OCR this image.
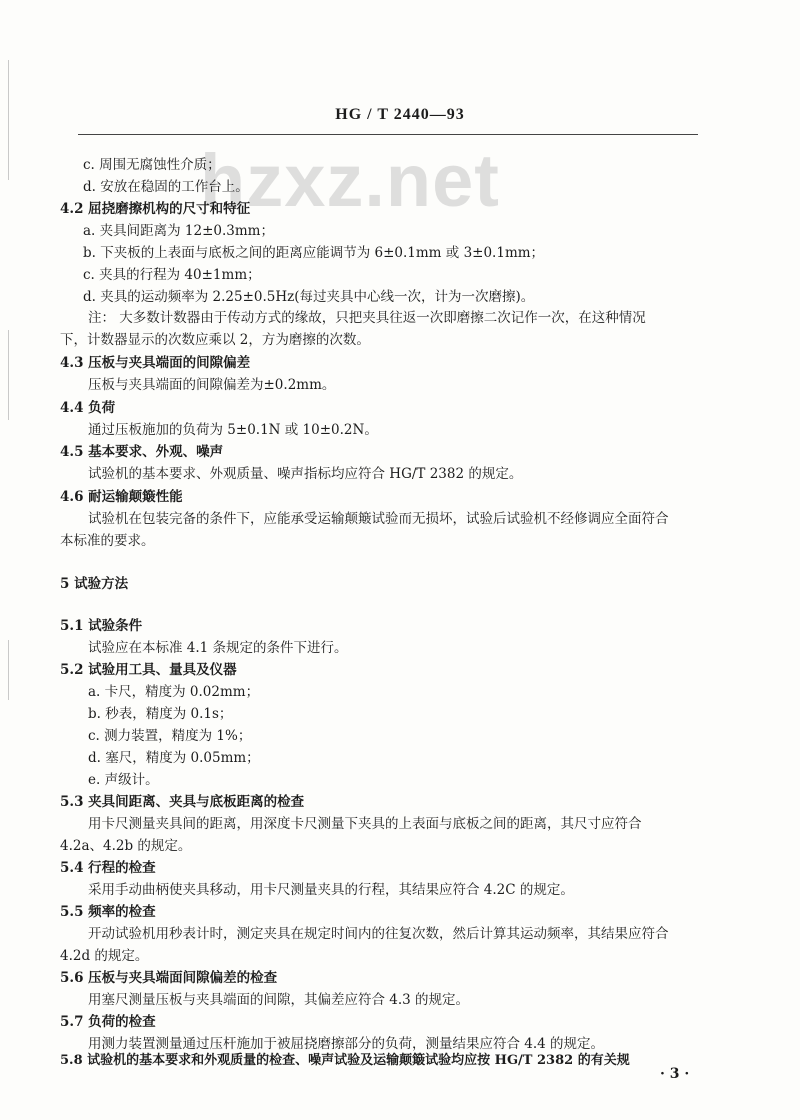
HG / T 2440—93
hzxz.net
c. 周围无腐蚀性介质；
d. 安放在稳固的工作台上。
4.2 屈挠磨擦机构的尺寸和特征
a. 夹具间距离为 12±0.3mm；
b. 下夹板的上表面与底板之间的距离应能调节为 6±0.1mm 或 3±0.1mm；
c. 夹具的行程为 40±1mm；
d. 夹具的运动频率为 2.25±0.5Hz(每过夹具中心线一次，计为一次磨擦)。
注： 大多数计数器由于传动方式的缘故，只把夹具往返一次即磨擦二次记作一次，在这种情况
下，计数器显示的次数应乘以 2，方为磨擦的次数。
4.3 压板与夹具端面的间隙偏差
压板与夹具端面的间隙偏差为±0.2mm。
4.4 负荷
通过压板施加的负荷为 5±0.1N 或 10±0.2N。
4.5 基本要求、外观、噪声
试验机的基本要求、外观质量、噪声指标均应符合 HG/T 2382 的规定。
4.6 耐运输颠簸性能
试验机在包装完备的条件下，应能承受运输颠簸试验而无损坏，试验后试验机不经修调应全面符合
本标准的要求。
5 试验方法
5.1 试验条件
试验应在本标准 4.1 条规定的条件下进行。
5.2 试验用工具、量具及仪器
a. 卡尺，精度为 0.02mm；
b. 秒表，精度为 0.1s；
c. 测力装置，精度为 1%；
d. 塞尺，精度为 0.05mm；
e. 声级计。
5.3 夹具间距离、夹具与底板距离的检查
用卡尺测量夹具间的距离，用深度卡尺测量下夹具的上表面与底板之间的距离，其尺寸应符合
4.2a、4.2b 的规定。
5.4 行程的检查
采用手动曲柄使夹具移动，用卡尺测量夹具的行程，其结果应符合 4.2C 的规定。
5.5 频率的检查
开动试验机用秒表计时，测定夹具在规定时间内的往复次数，然后计算其运动频率，其结果应符合
4.2d 的规定。
5.6 压板与夹具端面间隙偏差的检查
用塞尺测量压板与夹具端面的间隙，其偏差应符合 4.3 的规定。
5.7 负荷的检查
用测力装置测量通过压杆施加于被屈挠磨擦部分的负荷，测量结果应符合 4.4 的规定。
5.8 试验机的基本要求和外观质量的检查、噪声试验及运输颠簸试验均应按 HG/T 2382 的有关规
· 3 ·
